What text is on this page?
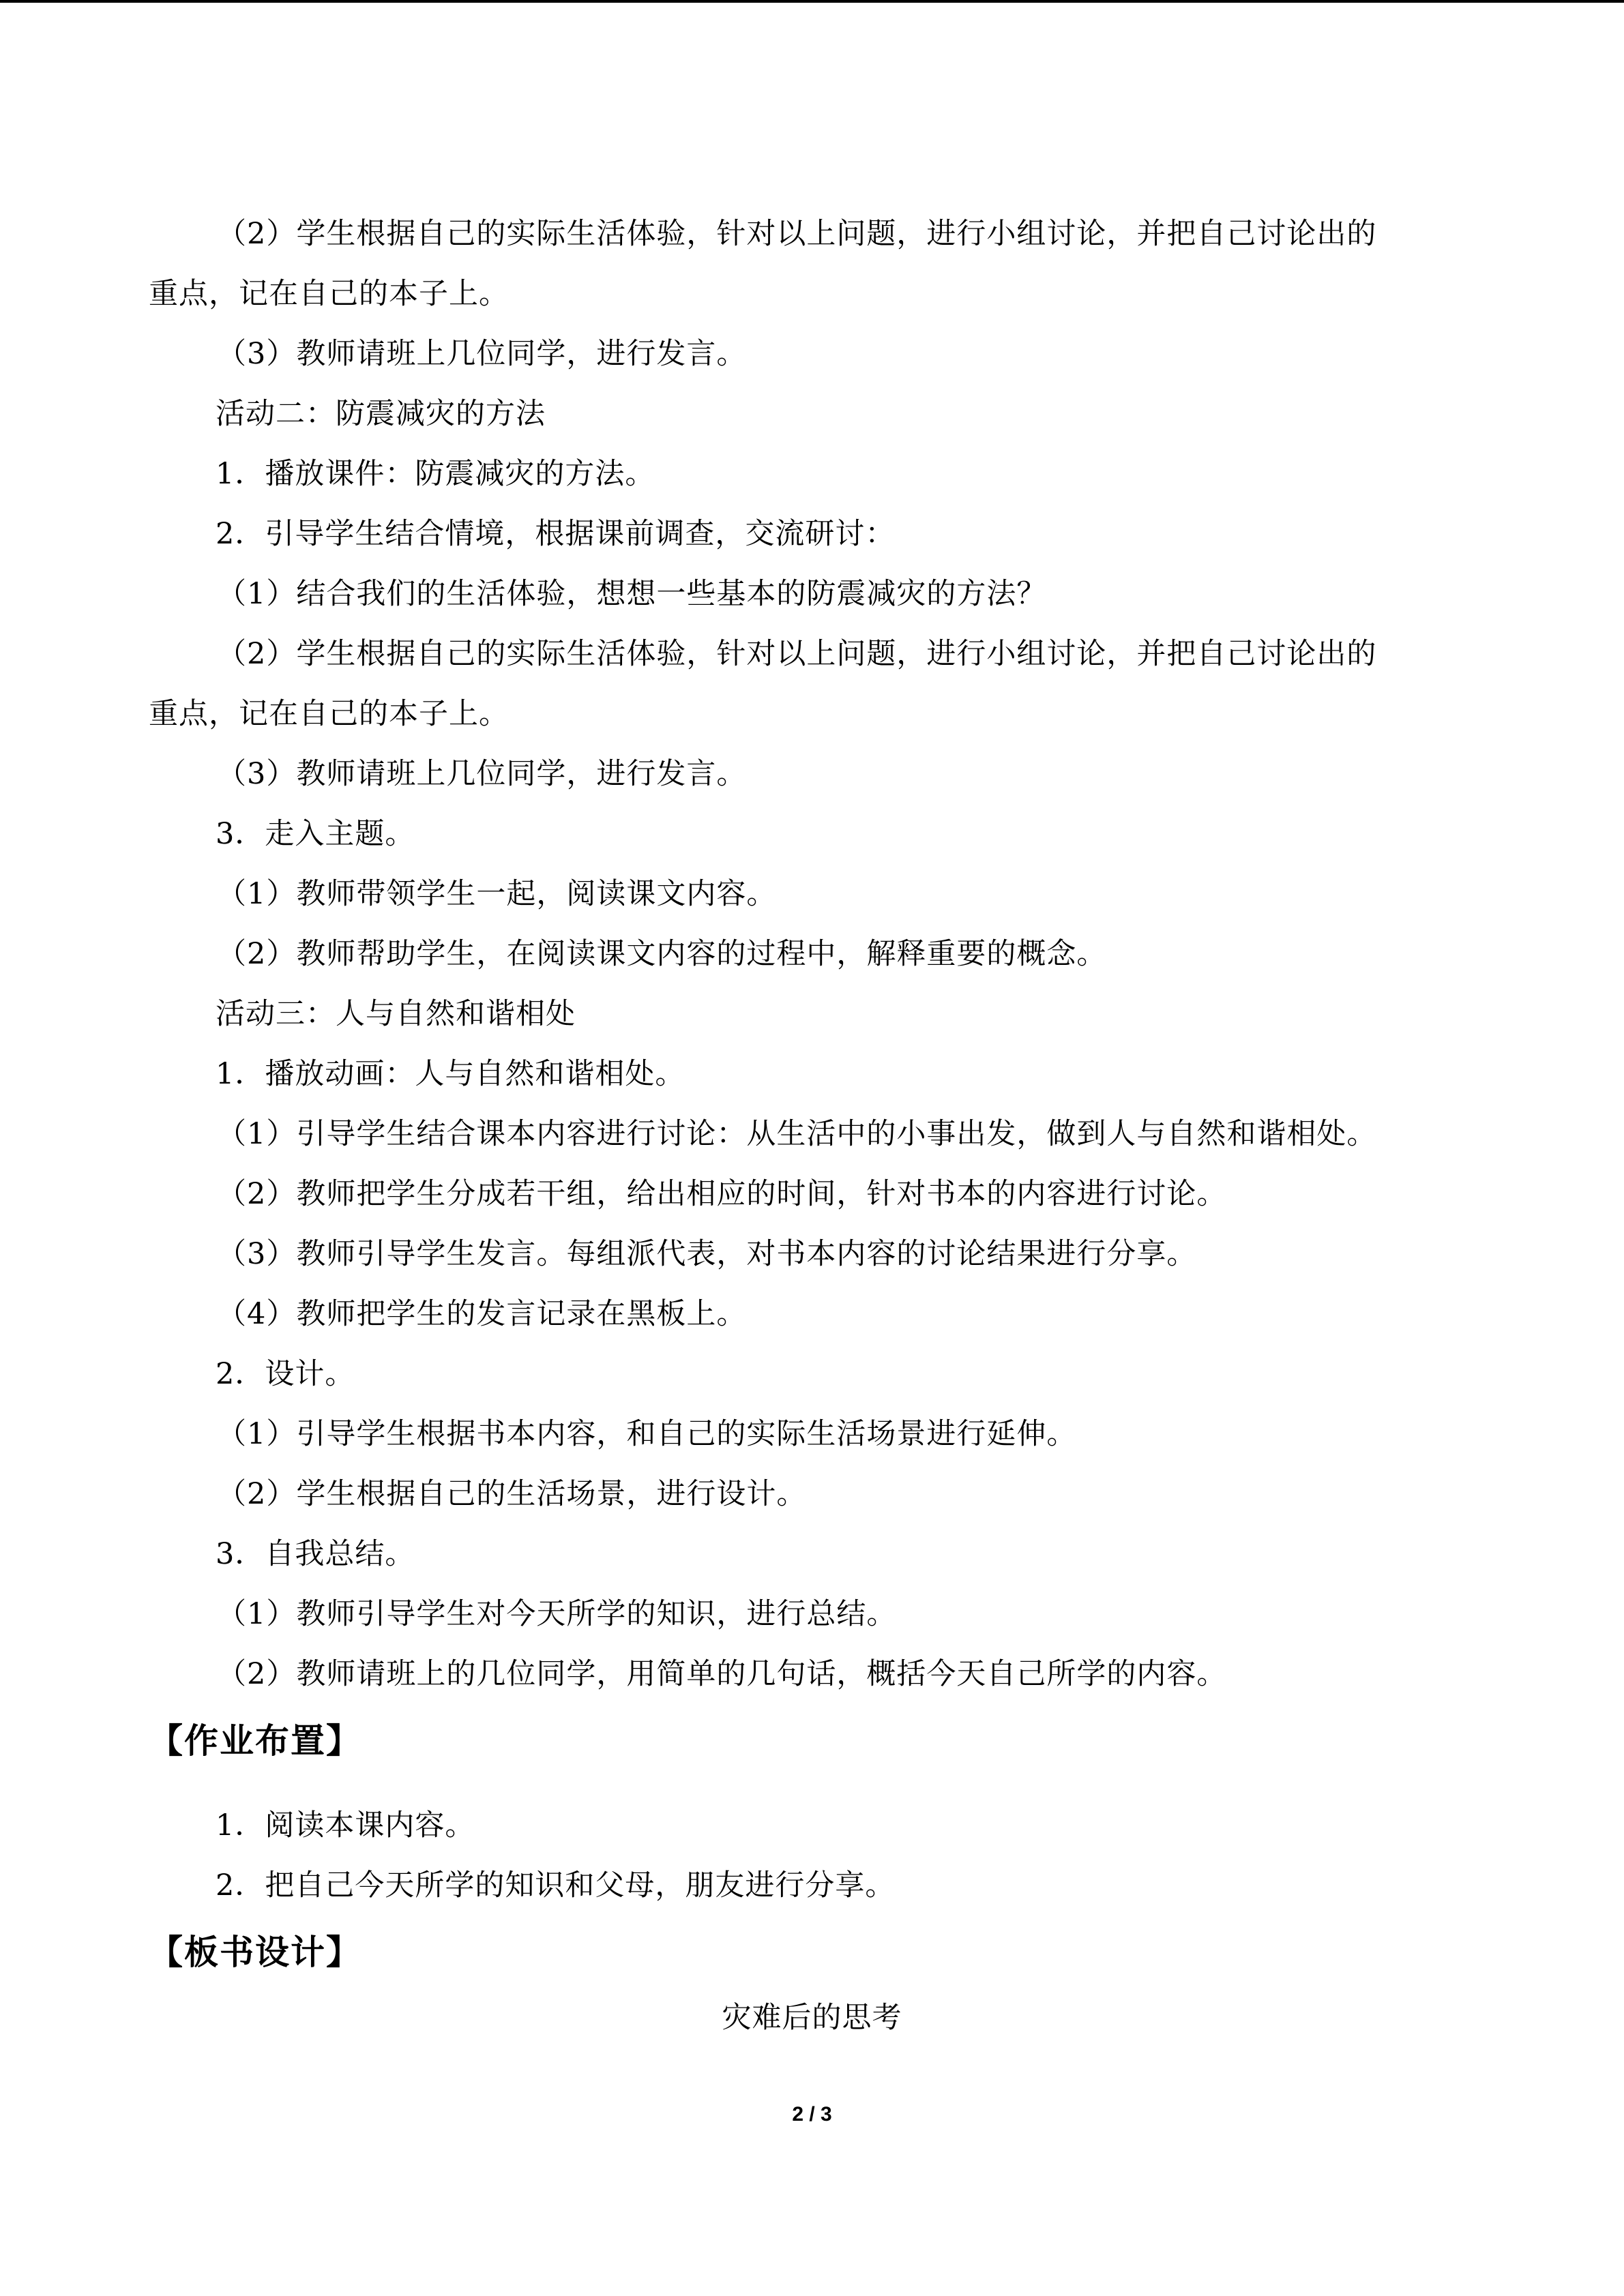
（2）学生根据自己的实际生活体验，针对以上问题，进行小组讨论，并把自己讨论出的
重点，记在自己的本子上。
（3）教师请班上几位同学，进行发言。
活动二：防震减灾的方法
1．播放课件：防震减灾的方法。
2．引导学生结合情境，根据课前调查，交流研讨：
（1）结合我们的生活体验，想想一些基本的防震减灾的方法？
（2）学生根据自己的实际生活体验，针对以上问题，进行小组讨论，并把自己讨论出的
重点，记在自己的本子上。
（3）教师请班上几位同学，进行发言。
3．走入主题。
（1）教师带领学生一起，阅读课文内容。
（2）教师帮助学生，在阅读课文内容的过程中，解释重要的概念。
活动三：人与自然和谐相处
1．播放动画：人与自然和谐相处。
（1）引导学生结合课本内容进行讨论：从生活中的小事出发，做到人与自然和谐相处。
（2）教师把学生分成若干组，给出相应的时间，针对书本的内容进行讨论。
（3）教师引导学生发言。每组派代表，对书本内容的讨论结果进行分享。
（4）教师把学生的发言记录在黑板上。
2．设计。
（1）引导学生根据书本内容，和自己的实际生活场景进行延伸。
（2）学生根据自己的生活场景，进行设计。
3．自我总结。
（1）教师引导学生对今天所学的知识，进行总结。
（2）教师请班上的几位同学，用简单的几句话，概括今天自己所学的内容。
【作业布置】
1．阅读本课内容。
2．把自己今天所学的知识和父母，朋友进行分享。
【板书设计】
灾难后的思考
2 / 3
